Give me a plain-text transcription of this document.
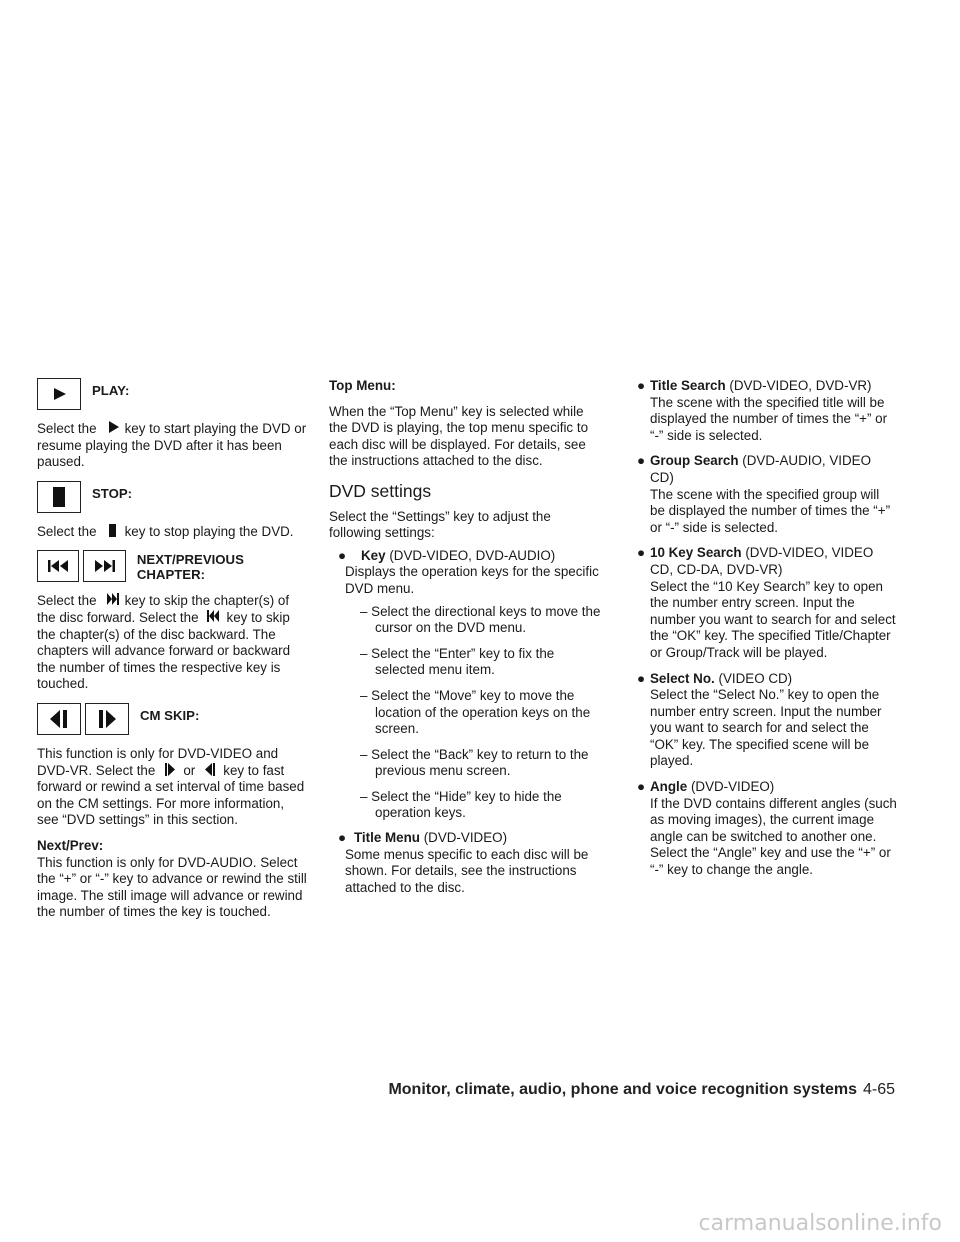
PLAY:

Select the key to start playing the DVD or resume playing the DVD after it has been paused.

STOP:

Select the key to stop playing the DVD.

NEXT/PREVIOUS CHAPTER:

Select the key to skip the chapter(s) of the disc forward. Select the key to skip the chapter(s) of the disc backward. The chapters will advance forward or backward the number of times the respective key is touched.

CM SKIP:

This function is only for DVD-VIDEO and DVD-VR. Select the or key to fast forward or rewind a set interval of time based on the CM settings. For more information, see “DVD settings” in this section.

Next/Prev:

This function is only for DVD-AUDIO. Select the “+” or “-” key to advance or rewind the still image. The still image will advance or rewind the number of times the key is touched.

Top Menu:

When the “Top Menu” key is selected while the DVD is playing, the top menu specific to each disc will be displayed. For details, see the instructions attached to the disc.

DVD settings

Select the “Settings” key to adjust the following settings:

●	Key (DVD-VIDEO, DVD-AUDIO)

Displays the operation keys for the specific DVD menu.

– Select the directional keys to move the cursor on the DVD menu.

– Select the “Enter” key to fix the selected menu item.

– Select the “Move” key to move the location of the operation keys on the screen.

– Select the “Back” key to return to the previous menu screen.

– Select the “Hide” key to hide the operation keys.

● Title Menu (DVD-VIDEO)

Some menus specific to each disc will be shown. For details, see the instructions attached to the disc.

● Title Search (DVD-VIDEO, DVD-VR)

The scene with the specified title will be displayed the number of times the “+” or “-” side is selected.

● Group Search (DVD-AUDIO, VIDEO CD)

The scene with the specified group will be displayed the number of times the “+” or “-” side is selected.

● 10 Key Search (DVD-VIDEO, VIDEO CD, CD-DA, DVD-VR)

Select the “10 Key Search” key to open the number entry screen. Input the number you want to search for and select the “OK” key. The specified Title/Chapter or Group/Track will be played.

● Select No. (VIDEO CD)

Select the “Select No.” key to open the number entry screen. Input the number you want to search for and select the “OK” key. The specified scene will be played.

● Angle (DVD-VIDEO)

If the DVD contains different angles (such as moving images), the current image angle can be switched to another one. Select the “Angle” key and use the “+” or “-” key to change the angle.

Monitor, climate, audio, phone and voice recognition systems 4-65
carmanualsonline.info
